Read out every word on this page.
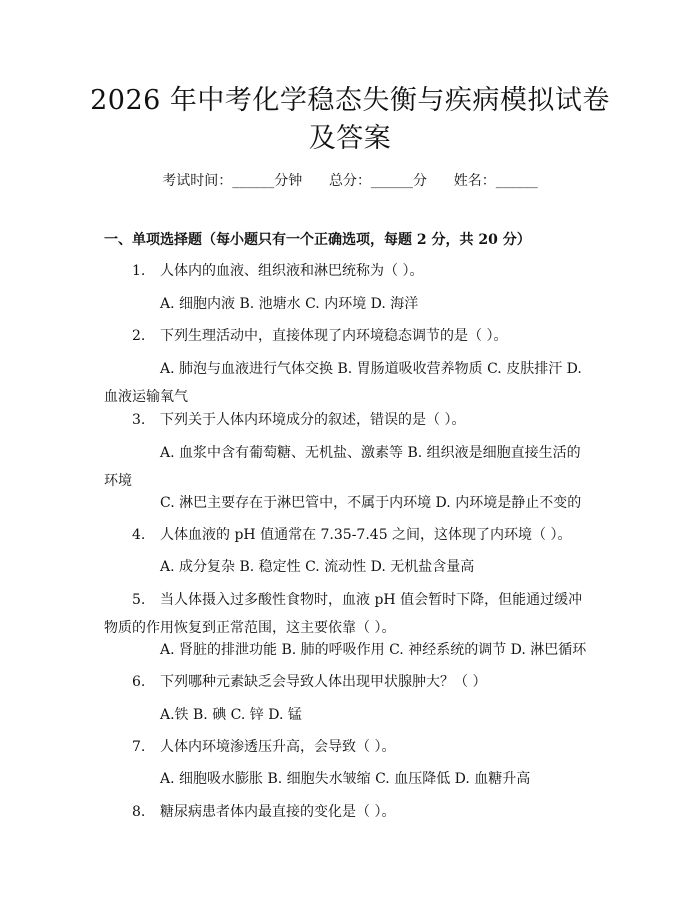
2026 年中考化学稳态失衡与疾病模拟试卷及答案
考试时间：______分钟 总分：______分 姓名：______
一、单项选择题（每小题只有一个正确选项，每题 2 分，共 20 分）
1. 人体内的血液、组织液和淋巴统称为（ ）。
A. 细胞内液 B. 池塘水 C. 内环境 D. 海洋
2. 下列生理活动中，直接体现了内环境稳态调节的是（ ）。
A. 肺泡与血液进行气体交换 B. 胃肠道吸收营养物质 C. 皮肤排汗 D. 血液运输氧气
3. 下列关于人体内环境成分的叙述，错误的是（ ）。
A. 血浆中含有葡萄糖、无机盐、激素等 B. 组织液是细胞直接生活的环境
C. 淋巴主要存在于淋巴管中，不属于内环境 D. 内环境是静止不变的
4. 人体血液的 pH 值通常在 7.35-7.45 之间，这体现了内环境（ ）。
A. 成分复杂 B. 稳定性 C. 流动性 D. 无机盐含量高
5. 当人体摄入过多酸性食物时，血液 pH 值会暂时下降，但能通过缓冲物质的作用恢复到正常范围，这主要依靠（ ）。
A. 肾脏的排泄功能 B. 肺的呼吸作用 C. 神经系统的调节 D. 淋巴循环
6. 下列哪种元素缺乏会导致人体出现甲状腺肿大？（ ）
A.铁 B. 碘 C. 锌 D. 锰
7. 人体内环境渗透压升高，会导致（ ）。
A. 细胞吸水膨胀 B. 细胞失水皱缩 C. 血压降低 D. 血糖升高
8. 糖尿病患者体内最直接的变化是（ ）。
